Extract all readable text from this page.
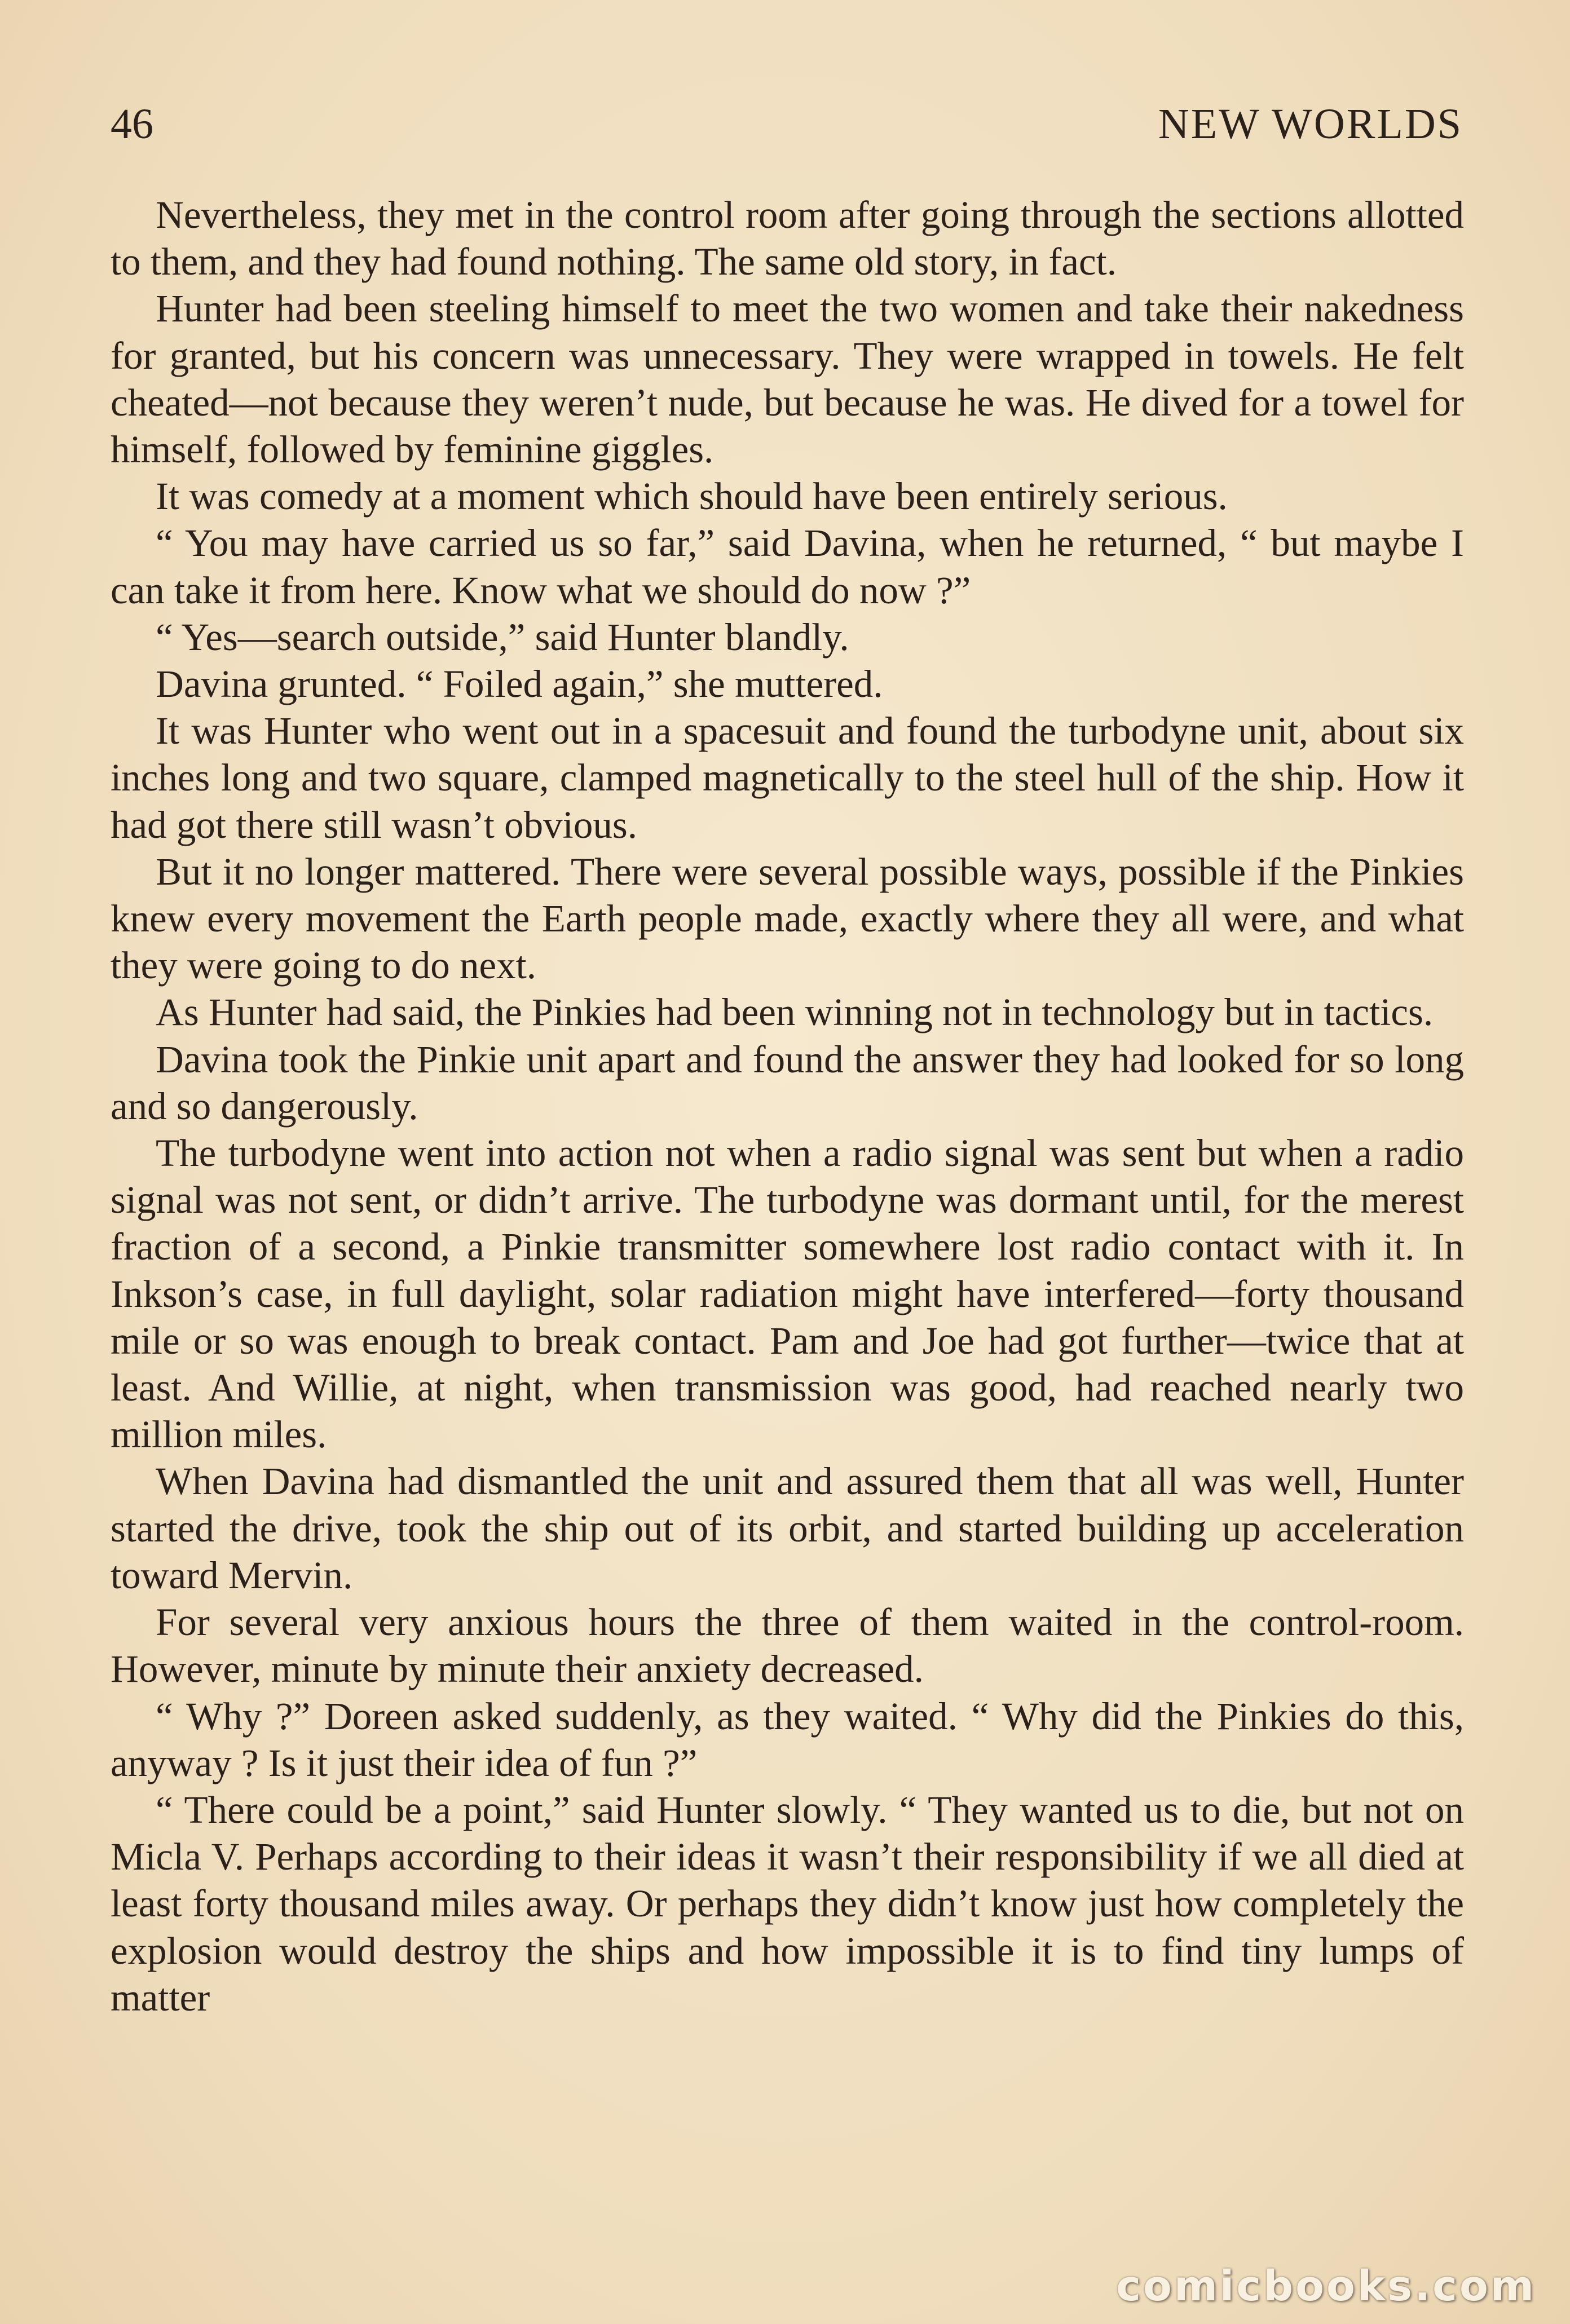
46	NEW WORLDS

Nevertheless, they met in the control room after going through the sections allotted to them, and they had found nothing. The same old story, in fact.

Hunter had been steeling himself to meet the two women and take their nakedness for granted, but his concern was unnecessary. They were wrapped in towels. He felt cheated—not because they weren’t nude, but because he was. He dived for a towel for himself, followed by feminine giggles.

It was comedy at a moment which should have been entirely serious.

“ You may have carried us so far,” said Davina, when he returned, “ but maybe I can take it from here. Know what we should do now ?”

“ Yes—search outside,” said Hunter blandly.

Davina grunted. “ Foiled again,” she muttered.

It was Hunter who went out in a spacesuit and found the turbodyne unit, about six inches long and two square, clamped magnetically to the steel hull of the ship. How it had got there still wasn’t obvious.

But it no longer mattered. There were several possible ways, possible if the Pinkies knew every movement the Earth people made, exactly where they all were, and what they were going to do next.

As Hunter had said, the Pinkies had been winning not in technology but in tactics.

Davina took the Pinkie unit apart and found the answer they had looked for so long and so dangerously.

The turbodyne went into action not when a radio signal was sent but when a radio signal was not sent, or didn’t arrive. The turbodyne was dormant until, for the merest fraction of a second, a Pinkie transmitter somewhere lost radio contact with it. In Inkson’s case, in full daylight, solar radiation might have interfered—forty thousand mile or so was enough to break contact. Pam and Joe had got further—twice that at least. And Willie, at night, when transmission was good, had reached nearly two million miles.

When Davina had dismantled the unit and assured them that all was well, Hunter started the drive, took the ship out of its orbit, and started building up acceleration toward Mervin.

For several very anxious hours the three of them waited in the control-room. However, minute by minute their anxiety decreased.

“ Why ?” Doreen asked suddenly, as they waited. “ Why did the Pinkies do this, anyway ? Is it just their idea of fun ?”

“ There could be a point,” said Hunter slowly. “ They wanted us to die, but not on Micla V. Perhaps according to their ideas it wasn’t their responsibility if we all died at least forty thousand miles away. Or perhaps they didn’t know just how completely the explosion would destroy the ships and how impossible it is to find tiny lumps of matter

comicbooks.com
